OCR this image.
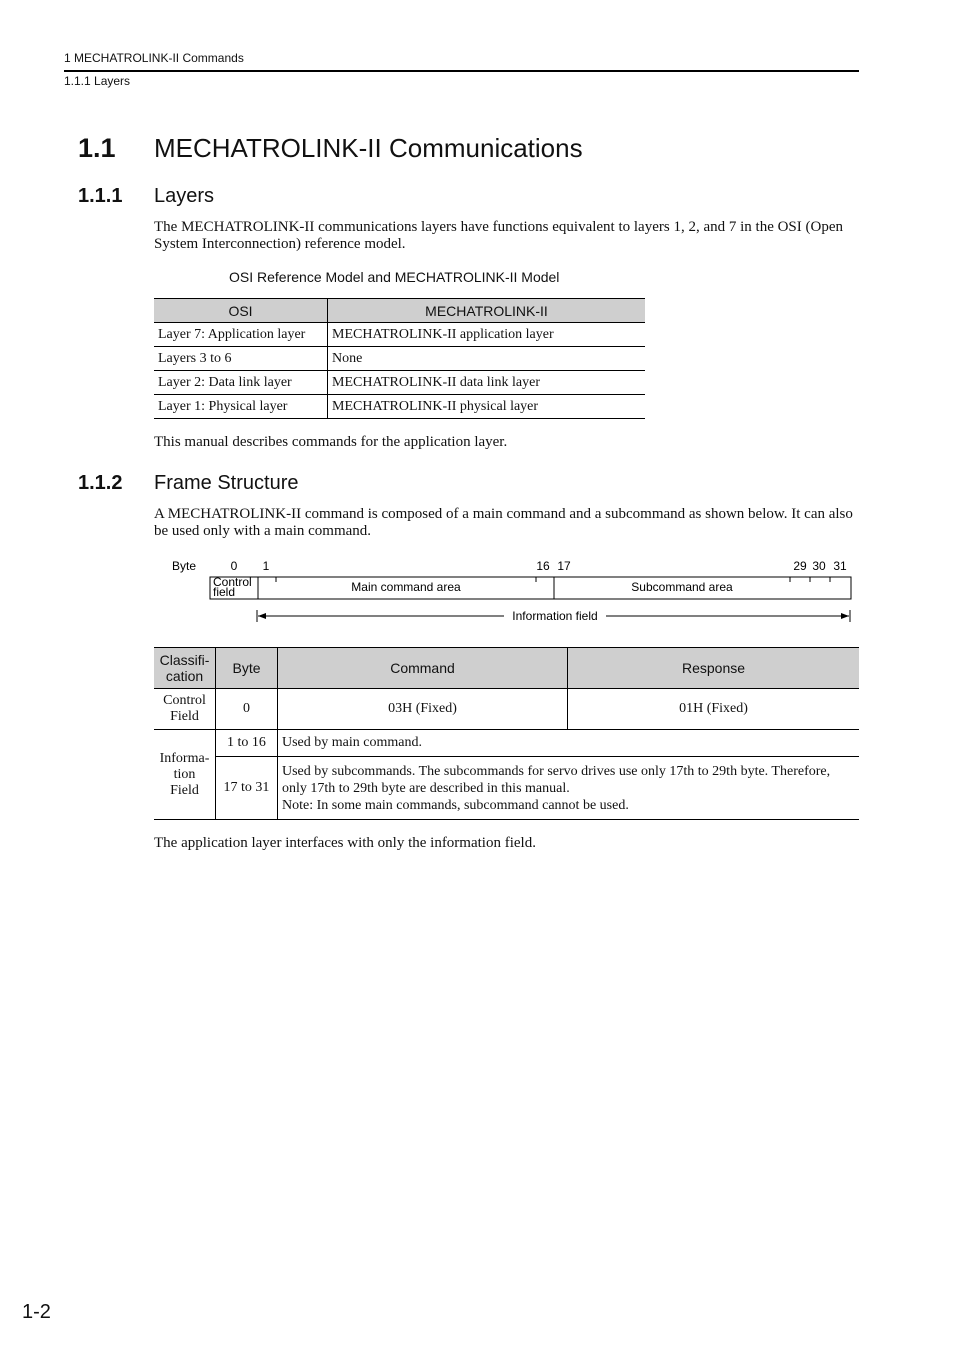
1 MECHATROLINK-II Commands
1.1.1 Layers
1.1 MECHATROLINK-II Communications
1.1.1 Layers
The MECHATROLINK-II communications layers have functions equivalent to layers 1, 2, and 7 in the OSI (Open System Interconnection) reference model.
OSI Reference Model and MECHATROLINK-II Model
OSI	MECHATROLINK-II
Layer 7: Application layer	MECHATROLINK-II application layer
Layers 3 to 6	None
Layer 2: Data link layer	MECHATROLINK-II data link layer
Layer 1: Physical layer	MECHATROLINK-II physical layer
This manual describes commands for the application layer.
1.1.2 Frame Structure
A MECHATROLINK-II command is composed of a main command and a subcommand as shown below. It can also be used only with a main command.
Byte	0 1	16 17	29 30 31
Control
field	Main command area	Subcommand area
Information field
Classifi-
cation	Byte	Command	Response
Control
Field	0	03H (Fixed)	01H (Fixed)
Informa-
tion
Field	1 to 16	Used by main command.	
	17 to 31	Used by subcommands. The subcommands for servo drives use only 17th to 29th byte. Therefore, only 17th to 29th byte are described in this manual.
Note: In some main commands, subcommand cannot be used.	
The application layer interfaces with only the information field.
1-2
